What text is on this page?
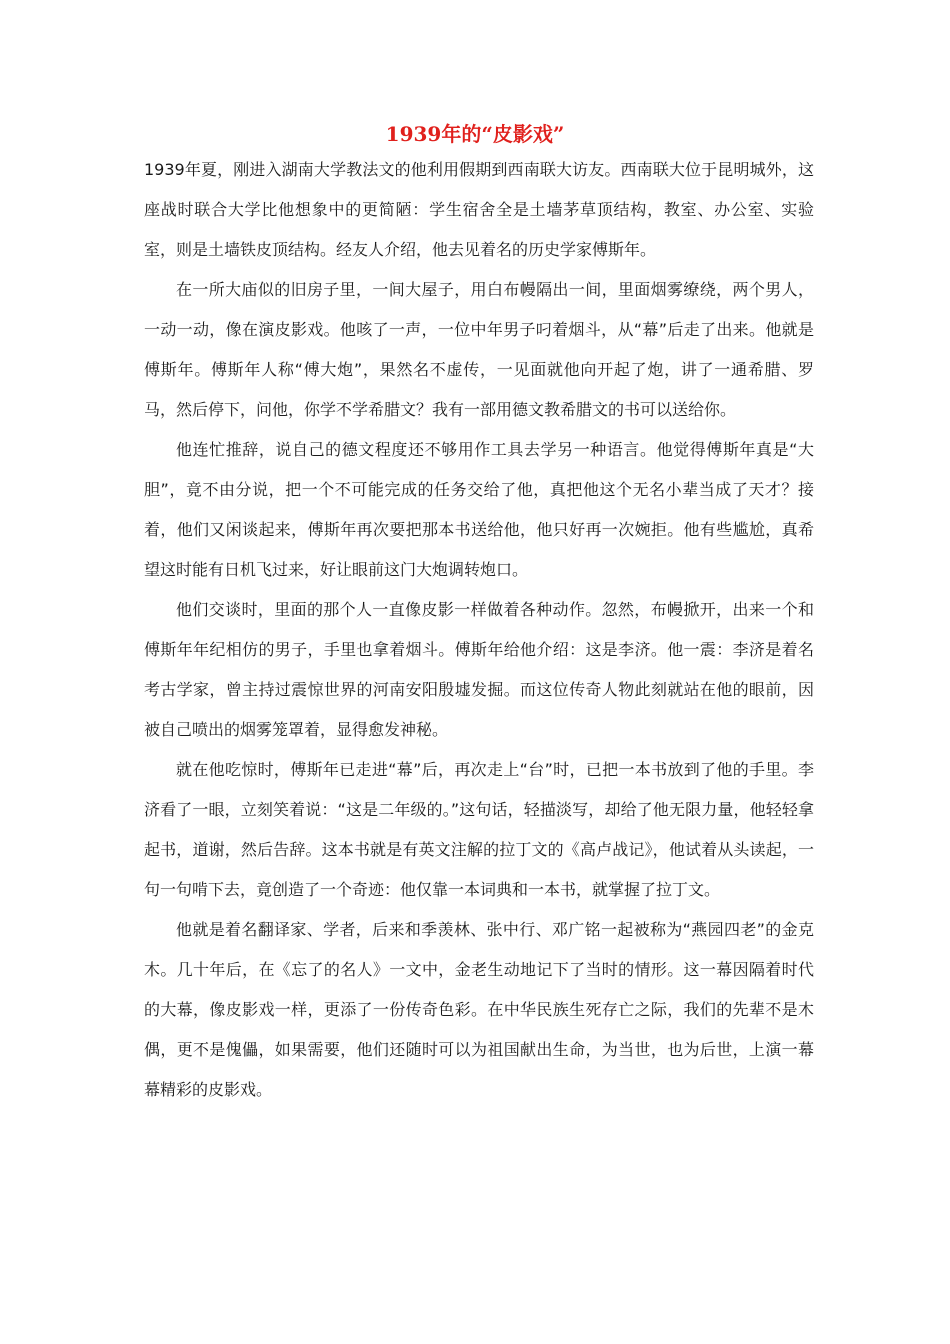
1939年的“皮影戏”

1939年夏，刚进入湖南大学教法文的他利用假期到西南联大访友。西南联大位于昆明城外，这座战时联合大学比他想象中的更简陋：学生宿舍全是土墙茅草顶结构，教室、办公室、实验室，则是土墙铁皮顶结构。经友人介绍，他去见着名的历史学家傅斯年。

在一所大庙似的旧房子里，一间大屋子，用白布幔隔出一间，里面烟雾缭绕，两个男人，一动一动，像在演皮影戏。他咳了一声，一位中年男子叼着烟斗，从“幕”后走了出来。他就是傅斯年。傅斯年人称“傅大炮”，果然名不虚传，一见面就他向开起了炮，讲了一通希腊、罗马，然后停下，问他，你学不学希腊文？我有一部用德文教希腊文的书可以送给你。

他连忙推辞，说自己的德文程度还不够用作工具去学另一种语言。他觉得傅斯年真是“大胆”，竟不由分说，把一个不可能完成的任务交给了他，真把他这个无名小辈当成了天才？接着，他们又闲谈起来，傅斯年再次要把那本书送给他，他只好再一次婉拒。他有些尴尬，真希望这时能有日机飞过来，好让眼前这门大炮调转炮口。

他们交谈时，里面的那个人一直像皮影一样做着各种动作。忽然，布幔掀开，出来一个和傅斯年年纪相仿的男子，手里也拿着烟斗。傅斯年给他介绍：这是李济。他一震：李济是着名考古学家，曾主持过震惊世界的河南安阳殷墟发掘。而这位传奇人物此刻就站在他的眼前，因被自己喷出的烟雾笼罩着，显得愈发神秘。

就在他吃惊时，傅斯年已走进“幕”后，再次走上“台”时，已把一本书放到了他的手里。李济看了一眼，立刻笑着说：“这是二年级的。”这句话，轻描淡写，却给了他无限力量，他轻轻拿起书，道谢，然后告辞。这本书就是有英文注解的拉丁文的《高卢战记》，他试着从头读起，一句一句啃下去，竟创造了一个奇迹：他仅靠一本词典和一本书，就掌握了拉丁文。

他就是着名翻译家、学者，后来和季羡林、张中行、邓广铭一起被称为“燕园四老”的金克木。几十年后，在《忘了的名人》一文中，金老生动地记下了当时的情形。这一幕因隔着时代的大幕，像皮影戏一样，更添了一份传奇色彩。在中华民族生死存亡之际，我们的先辈不是木偶，更不是傀儡，如果需要，他们还随时可以为祖国献出生命，为当世，也为后世，上演一幕幕精彩的皮影戏。
